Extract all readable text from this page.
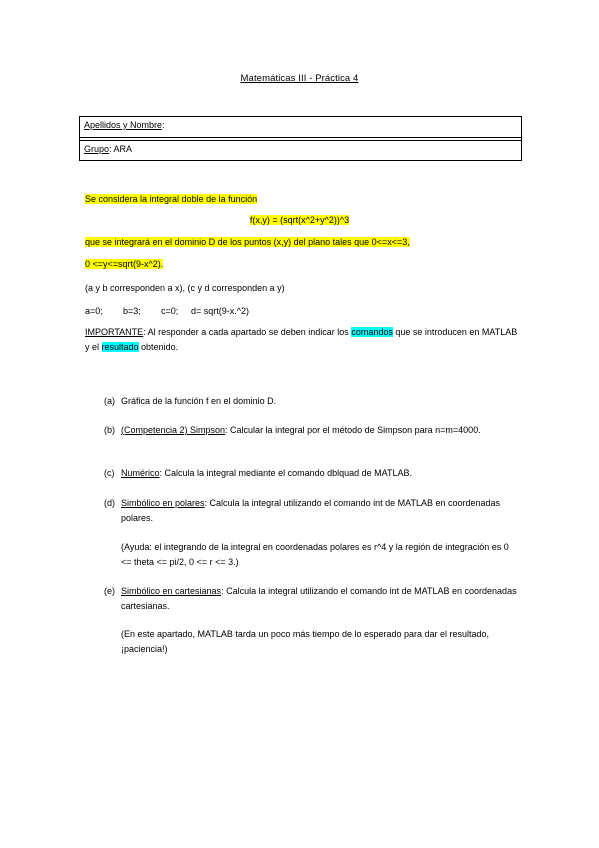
Matemáticas III - Práctica 4
Apellidos y Nombre:
Grupo: ARA
Se considera la integral doble de la función
f(x,y) = (sqrt(x^2+y^2))^3
que se integrará en el dominio D de los puntos (x,y) del plano tales que 0<=x<=3,
0 <=y<=sqrt(9-x^2).
(a y b corresponden a x), (c y d corresponden a y)
a=0; b=3; c=0; d= sqrt(9-x.^2)
IMPORTANTE: Al responder a cada apartado se deben indicar los comandos que se introducen en MATLAB y el resultado obtenido.
(a) Gráfica de la función f en el dominio D.
(b) (Competencia 2) Simpson: Calcular la integral por el método de Simpson para n=m=4000.
(c) Numérico: Calcula la integral mediante el comando dblquad de MATLAB.
(d) Simbólico en polares: Calcula la integral utilizando el comando int de MATLAB en coordenadas polares.
(Ayuda: el integrando de la integral en coordenadas polares es r^4 y la región de integración es 0 <= theta <= pi/2, 0 <= r <= 3.)
(e) Simbólico en cartesianas: Calcula la integral utilizando el comando int de MATLAB en coordenadas cartesianas.
(En este apartado, MATLAB tarda un poco más tiempo de lo esperado para dar el resultado, ¡paciencia!)
